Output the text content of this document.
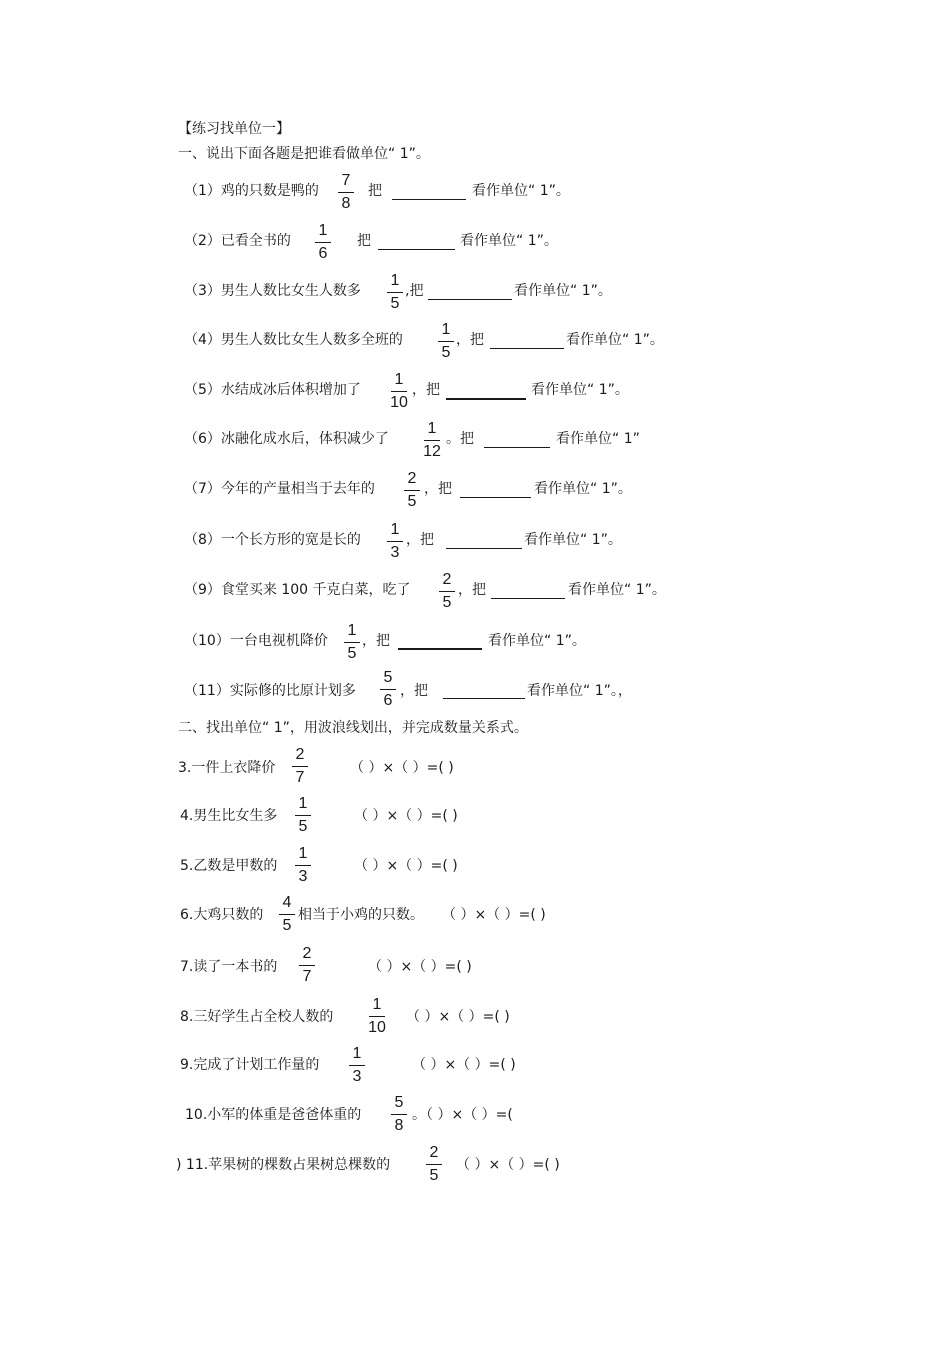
【练习找单位一】
一、说出下面各题是把谁看做单位“ 1”。
（1）鸡的只数是鸭的
7
8
把	看作单位“ 1”。
（2）已看全书的
1
6
把	看作单位“ 1”。
（3）男生人数比女生人数多
1
5
,把	看作单位“ 1”。
（4）男生人数比女生人数多全班的
1
5
，把	看作单位“ 1”。
（5）水结成冰后体积增加了
1
10
，把	看作单位“ 1”。
（6）冰融化成水后，体积减少了
1
12
。把	看作单位“ 1”
（7）今年的产量相当于去年的
2
5
，把	看作单位“ 1”。
（8）一个长方形的宽是长的
1
3
，把	看作单位“ 1”。
（9）食堂买来 100 千克白菜，吃了
2
5
，把	看作单位“ 1”。
（10）一台电视机降价
1
5
，把	看作单位“ 1”。
（11）实际修的比原计划多
5
6
，把	看作单位“ 1”。，
二、找出单位“ 1”，用波浪线划出，并完成数量关系式。
3.一件上衣降价
2
7
（ ）×（ ）=( )
4.男生比女生多
1
5
（ ）×（ ）=( )
5.乙数是甲数的
1
3
（ ）×（ ）=( )
6.大鸡只数的
4
5
相当于小鸡的只数。 （ ）×（ ）=( )
7.读了一本书的
2
7
（ ）×（ ）=( )
8.三好学生占全校人数的
1
10
（ ）×（ ）=( )
9.完成了计划工作量的
1
3
（ ）×（ ）=( )
10.小军的体重是爸爸体重的
5
8
。（ ）×（ ）=(
) 11.苹果树的棵数占果树总棵数的
2
5
（ ）×（ ）=( )
